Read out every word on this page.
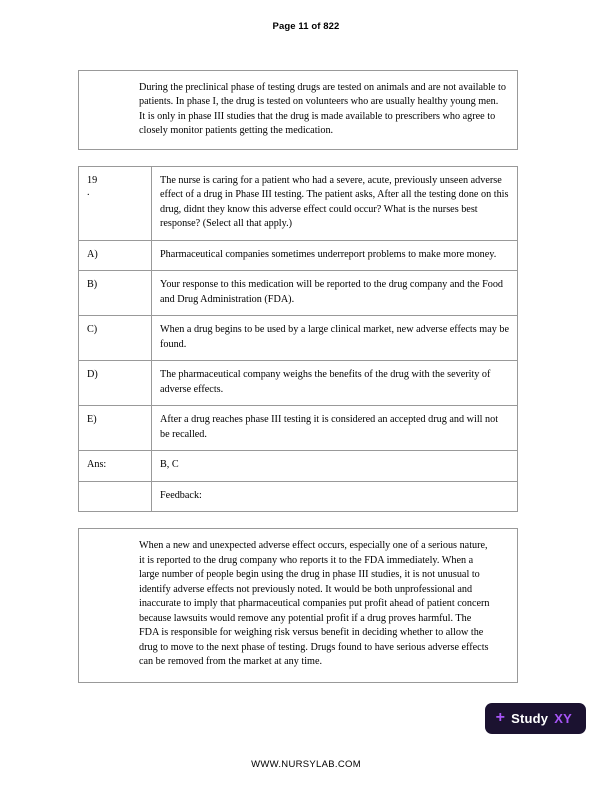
Page 11 of 822
During the preclinical phase of testing drugs are tested on animals and are not available to patients. In phase I, the drug is tested on volunteers who are usually healthy young men. It is only in phase III studies that the drug is made available to prescribers who agree to closely monitor patients getting the medication.
19
.	The nurse is caring for a patient who had a severe, acute, previously unseen adverse effect of a drug in Phase III testing. The patient asks, After all the testing done on this drug, didnt they know this adverse effect could occur? What is the nurses best response? (Select all that apply.)
A)	Pharmaceutical companies sometimes underreport problems to make more money.
B)	Your response to this medication will be reported to the drug company and the Food and Drug Administration (FDA).
C)	When a drug begins to be used by a large clinical market, new adverse effects may be found.
D)	The pharmaceutical company weighs the benefits of the drug with the severity of adverse effects.
E)	After a drug reaches phase III testing it is considered an accepted drug and will not be recalled.
Ans:	B, C
	Feedback:

When a new and unexpected adverse effect occurs, especially one of a serious nature, it is reported to the drug company who reports it to the FDA immediately. When a large number of people begin using the drug in phase III studies, it is not unusual to identify adverse effects not previously noted. It would be both unprofessional and inaccurate to imply that pharmaceutical companies put profit ahead of patient concern because lawsuits would remove any potential profit if a drug proves harmful. The FDA is responsible for weighing risk versus benefit in deciding whether to allow the drug to move to the next phase of testing. Drugs found to have serious adverse effects can be removed from the market at any time.	
+ Study XY
WWW.NURSYLAB.COM
